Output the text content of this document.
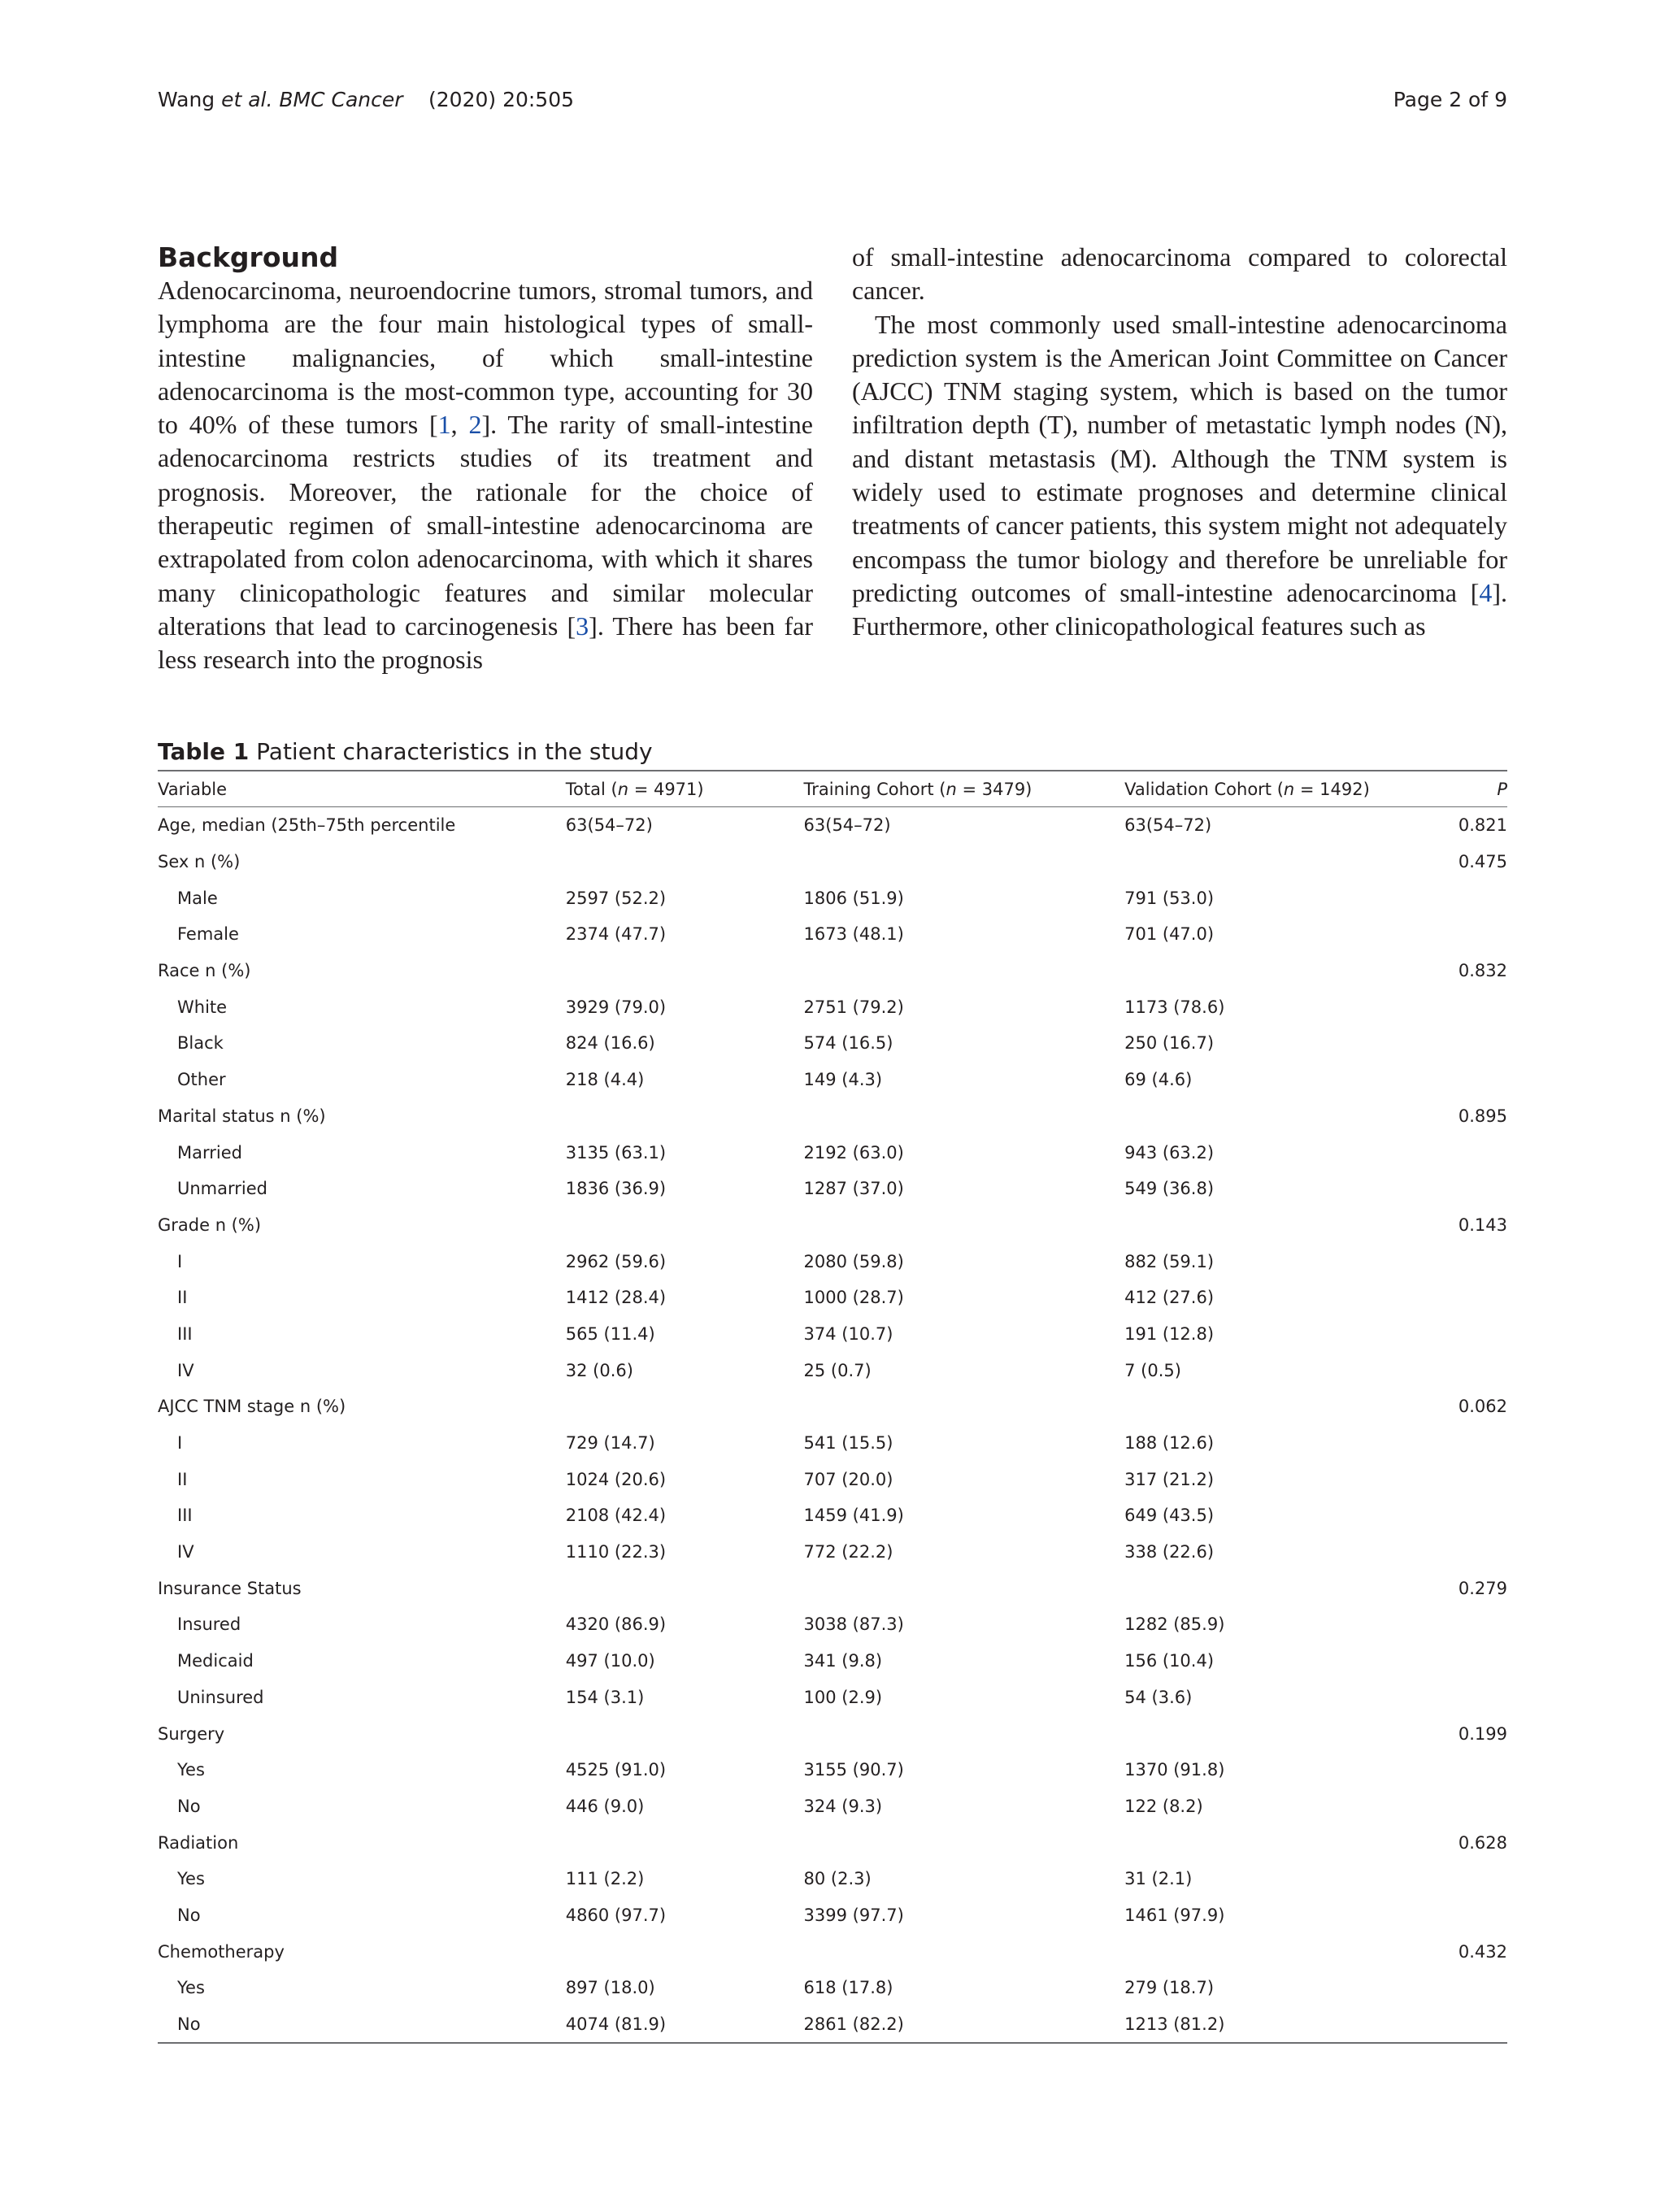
Wang et al. BMC Cancer (2020) 20:505	Page 2 of 9
Background

Adenocarcinoma, neuroendocrine tumors, stromal tumors, and lymphoma are the four main histological types of small-intestine malignancies, of which small-intestine adenocarcinoma is the most-common type, accounting for 30 to 40% of these tumors [1, 2]. The rarity of small-intestine adenocarcinoma restricts studies of its treatment and prognosis. Moreover, the rationale for the choice of therapeutic regimen of small-intestine adenocarcinoma are extrapolated from colon adenocarcinoma, with which it shares many clinicopathologic features and similar molecular alterations that lead to carcinogenesis [3]. There has been far less research into the prognosis

of small-intestine adenocarcinoma compared to colorectal cancer.

The most commonly used small-intestine adenocarcinoma prediction system is the American Joint Committee on Cancer (AJCC) TNM staging system, which is based on the tumor infiltration depth (T), number of metastatic lymph nodes (N), and distant metastasis (M). Although the TNM system is widely used to estimate prognoses and determine clinical treatments of cancer patients, this system might not adequately encompass the tumor biology and therefore be unreliable for predicting outcomes of small-intestine adenocarcinoma [4]. Furthermore, other clinicopathological features such as

Table 1 Patient characteristics in the study
Variable	Total (n = 4971)	Training Cohort (n = 3479)	Validation Cohort (n = 1492)	P
Age, median (25th–75th percentile	63(54–72)	63(54–72)	63(54–72)	0.821
Sex n (%)				0.475
Male	2597 (52.2)	1806 (51.9)	791 (53.0)	
Female	2374 (47.7)	1673 (48.1)	701 (47.0)	
Race n (%)				0.832
White	3929 (79.0)	2751 (79.2)	1173 (78.6)	
Black	824 (16.6)	574 (16.5)	250 (16.7)	
Other	218 (4.4)	149 (4.3)	69 (4.6)	
Marital status n (%)				0.895
Married	3135 (63.1)	2192 (63.0)	943 (63.2)	
Unmarried	1836 (36.9)	1287 (37.0)	549 (36.8)	
Grade n (%)				0.143
I	2962 (59.6)	2080 (59.8)	882 (59.1)	
II	1412 (28.4)	1000 (28.7)	412 (27.6)	
III	565 (11.4)	374 (10.7)	191 (12.8)	
IV	32 (0.6)	25 (0.7)	7 (0.5)	
AJCC TNM stage n (%)				0.062
I	729 (14.7)	541 (15.5)	188 (12.6)	
II	1024 (20.6)	707 (20.0)	317 (21.2)	
III	2108 (42.4)	1459 (41.9)	649 (43.5)	
IV	1110 (22.3)	772 (22.2)	338 (22.6)	
Insurance Status				0.279
Insured	4320 (86.9)	3038 (87.3)	1282 (85.9)	
Medicaid	497 (10.0)	341 (9.8)	156 (10.4)	
Uninsured	154 (3.1)	100 (2.9)	54 (3.6)	
Surgery				0.199
Yes	4525 (91.0)	3155 (90.7)	1370 (91.8)	
No	446 (9.0)	324 (9.3)	122 (8.2)	
Radiation				0.628
Yes	111 (2.2)	80 (2.3)	31 (2.1)	
No	4860 (97.7)	3399 (97.7)	1461 (97.9)	
Chemotherapy				0.432
Yes	897 (18.0)	618 (17.8)	279 (18.7)	
No	4074 (81.9)	2861 (82.2)	1213 (81.2)	
